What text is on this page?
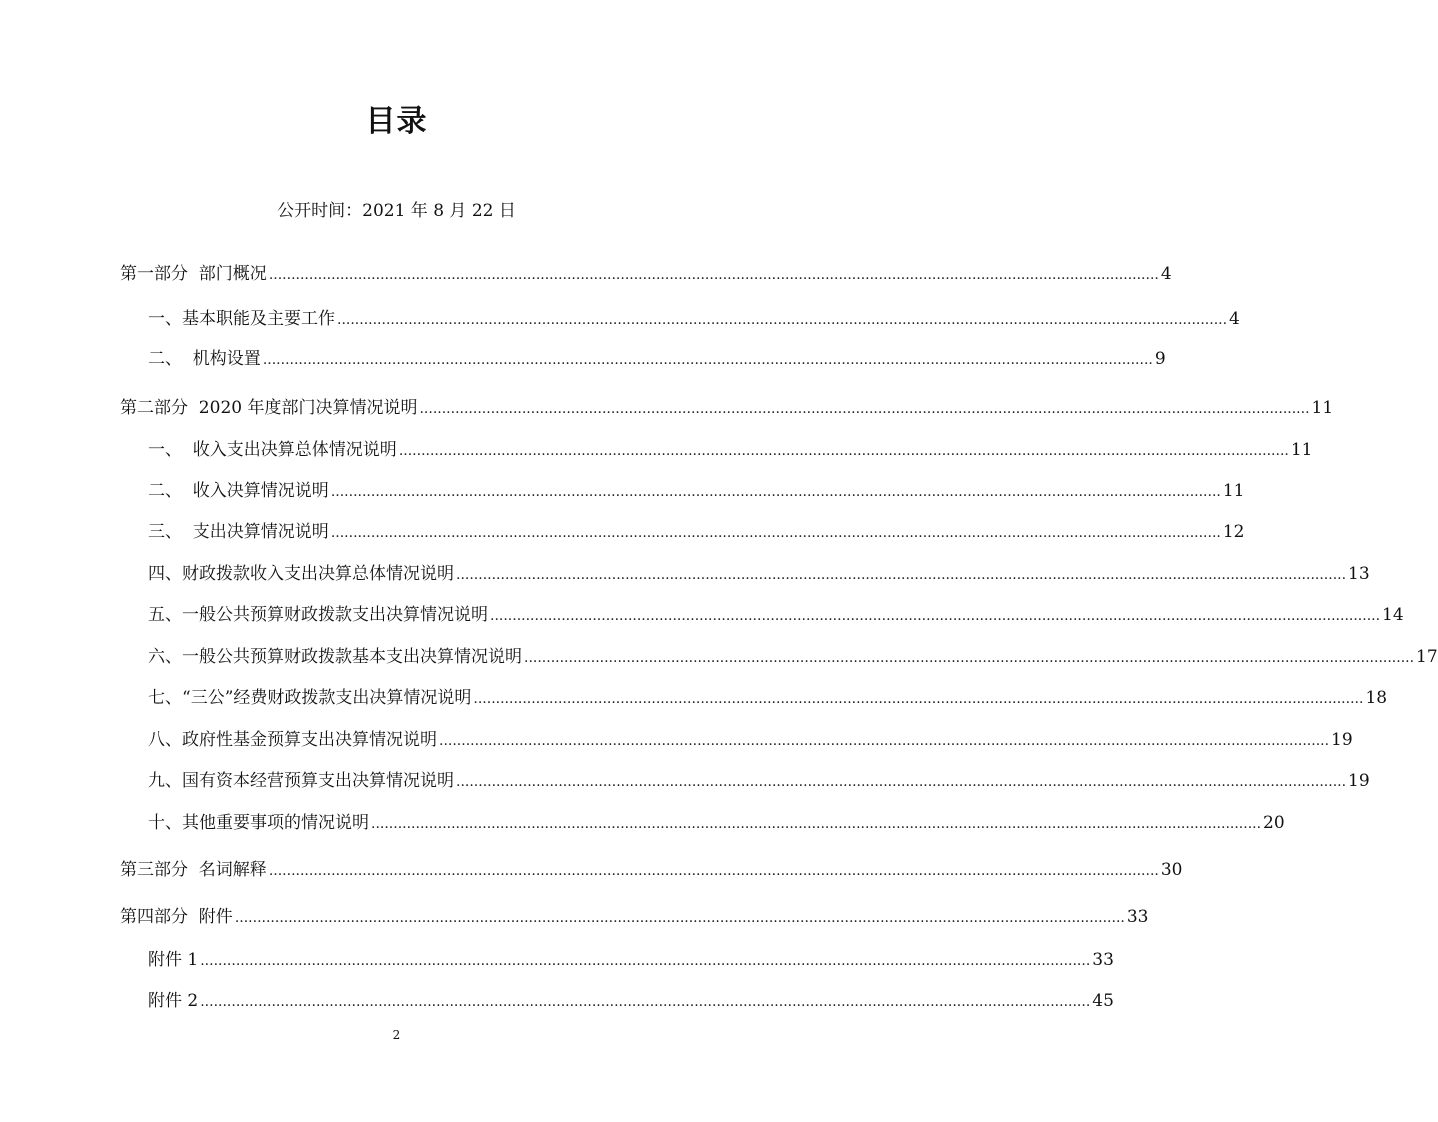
目录
公开时间：2021 年 8 月 22 日
第一部分  部门概况 ........................................................................................................................................................................................................ 4
一、基本职能及主要工作 ........................................................................................................................................................................................................ 4
二、  机构设置 ........................................................................................................................................................................................................ 9
第二部分  2020 年度部门决算情况说明 ........................................................................................................................................................................................................ 11
一、  收入支出决算总体情况说明 ........................................................................................................................................................................................................ 11
二、  收入决算情况说明 ........................................................................................................................................................................................................ 11
三、  支出决算情况说明 ........................................................................................................................................................................................................ 12
四、财政拨款收入支出决算总体情况说明 ........................................................................................................................................................................................................ 13
五、一般公共预算财政拨款支出决算情况说明 ........................................................................................................................................................................................................ 14
六、一般公共预算财政拨款基本支出决算情况说明 ........................................................................................................................................................................................................ 17
七、“三公”经费财政拨款支出决算情况说明 ........................................................................................................................................................................................................ 18
八、政府性基金预算支出决算情况说明 ........................................................................................................................................................................................................ 19
九、国有资本经营预算支出决算情况说明 ........................................................................................................................................................................................................ 19
十、其他重要事项的情况说明 ........................................................................................................................................................................................................ 20
第三部分  名词解释 ........................................................................................................................................................................................................ 30
第四部分  附件 ........................................................................................................................................................................................................ 33
附件 1 ........................................................................................................................................................................................................ 33
附件 2 ........................................................................................................................................................................................................ 45
2
